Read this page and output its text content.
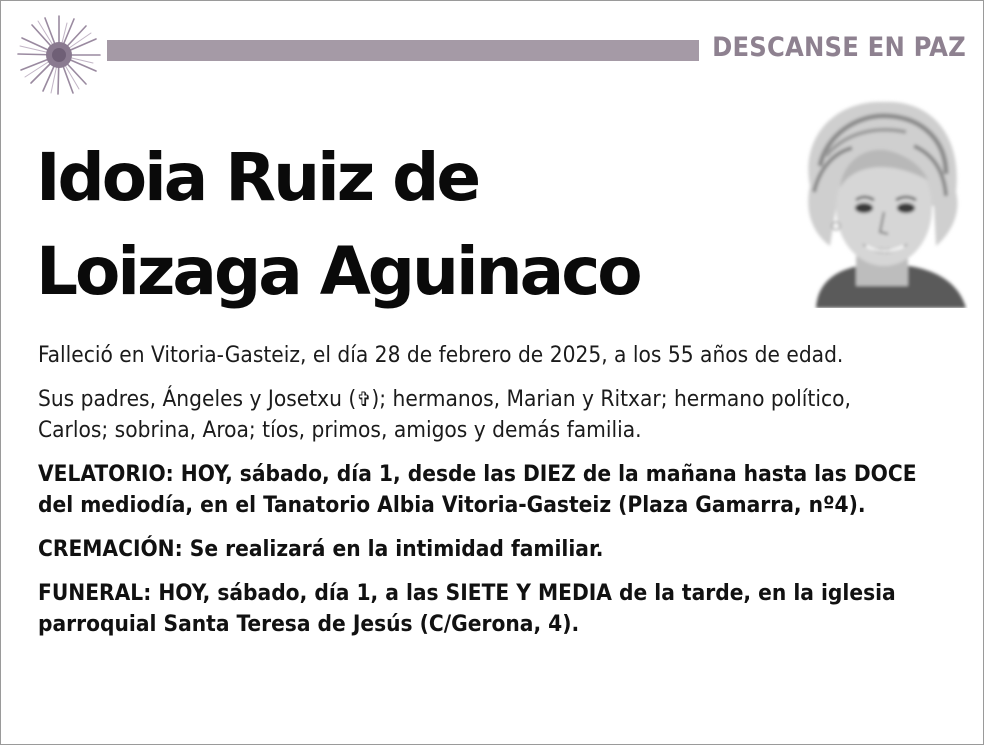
DESCANSE EN PAZ
Idoia Ruiz de
Loizaga Aguinaco

Falleció en Vitoria-Gasteiz, el día 28 de febrero de 2025, a los 55 años de edad.

Sus padres, Ángeles y Josetxu (✞); hermanos, Marian y Ritxar; hermano político, Carlos; sobrina, Aroa; tíos, primos, amigos y demás familia.

VELATORIO: HOY, sábado, día 1, desde las DIEZ de la mañana hasta las DOCE del mediodía, en el Tanatorio Albia Vitoria-Gasteiz (Plaza Gamarra, nº4).

CREMACIÓN: Se realizará en la intimidad familiar.

FUNERAL: HOY, sábado, día 1, a las SIETE Y MEDIA de la tarde, en la iglesia parroquial Santa Teresa de Jesús (C/Gerona, 4).
